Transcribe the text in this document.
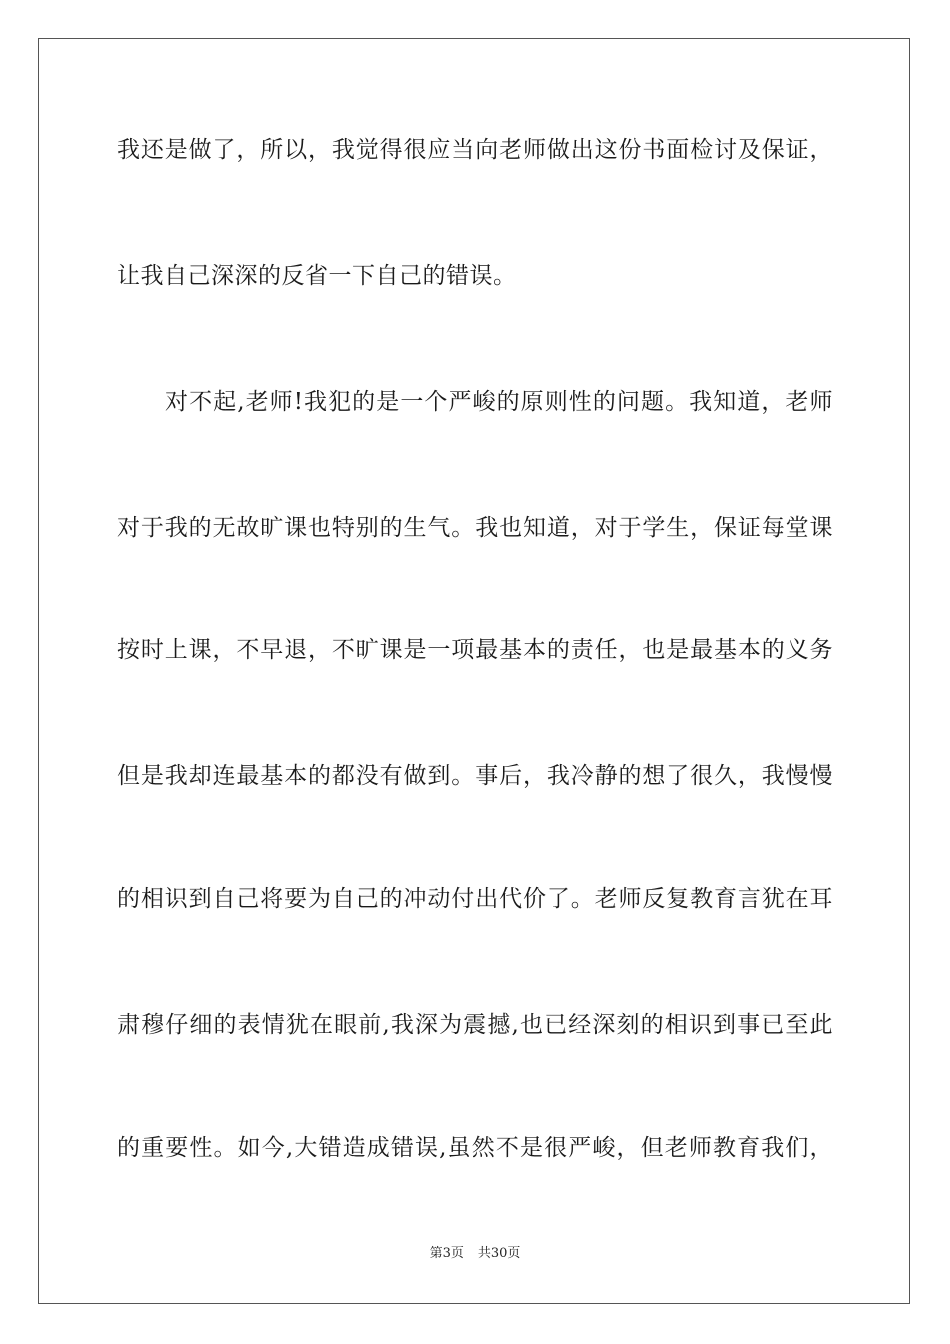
我还是做了，所以，我觉得很应当向老师做出这份书面检讨及保证，
让我自己深深的反省一下自己的错误。
对不起,老师!我犯的是一个严峻的原则性的问题。我知道，老师
对于我的无故旷课也特别的生气。我也知道，对于学生，保证每堂课
按时上课，不早退，不旷课是一项最基本的责任，也是最基本的义务
但是我却连最基本的都没有做到。事后，我冷静的想了很久，我慢慢
的相识到自己将要为自己的冲动付出代价了。老师反复教育言犹在耳
肃穆仔细的表情犹在眼前,我深为震撼,也已经深刻的相识到事已至此
的重要性。如今,大错造成错误,虽然不是很严峻，但老师教育我们，
第3页 共30页
